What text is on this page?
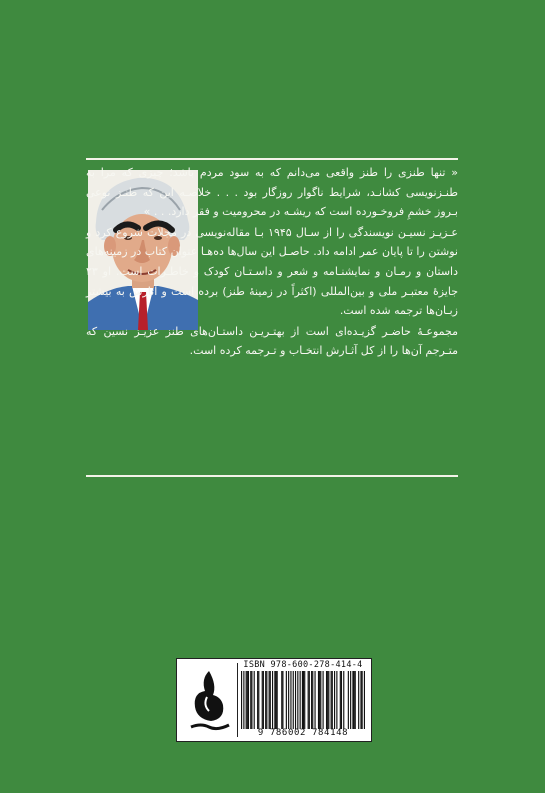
« تنها طنزی را طنز واقعی می‌دانم که به سود مردم باشد؛ چیزی که مرا به طنـزنویسی کشانـد، شرایط ناگوار روزگار بود . . . خلاصـه این که طنـز نوعی بـروز خشمِ فروخـورده است که ریشـه در محرومیت و فقر دارد. . . »

عـزیـز نسیـن نویسندگی را از سـال ۱۹۴۵ بـا مقاله‌نویسی در مجلات شروع کرد و نوشتن را تا پایان عمر ادامه داد. حاصـل این سال‌ها ده‌هـا عنوان کتاب در زمینه‌های داستان و رمـان و نمایشنـامه و شعر و داسـتـان کودک و خاطـرات است. او ۲۳ جایزهٔ معتبـر ملی و بین‌المللی (اکثراً در زمینهٔ طنز) برده است و آثارش به بیشتر زبـان‌ها ترجمه شده است.

مجموعـهٔ حاضـر گزیـده‌ای است از بهتـریـن داستـان‌های طنز عزیـز نسین که متـرجم آن‌ها را از کل آثـارش انتخـاب و تـرجمه کرده است.

ISBN 978-600-278-414-4
9 786002 784148
